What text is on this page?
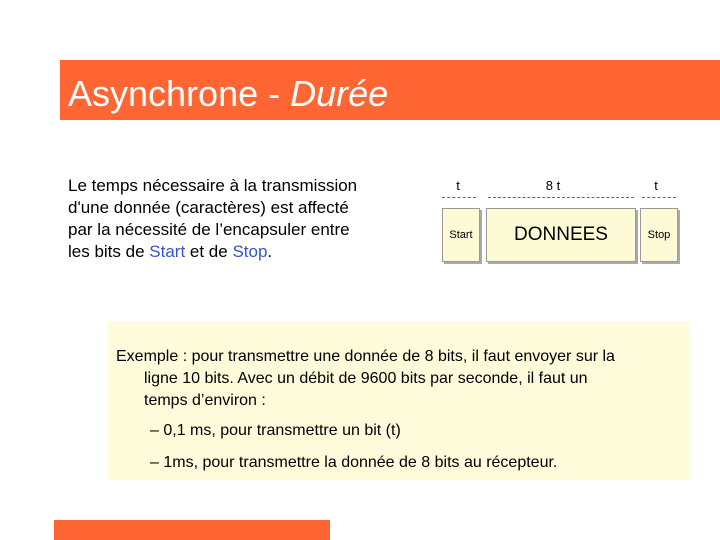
Asynchrone - Durée
Le temps nécessaire à la transmission
d'une donnée (caractères) est affecté
par la nécessité de l’encapsuler entre
les bits de Start et de Stop.
t	8 t	t
Start DONNEES	Stop
Exemple : pour transmettre une donnée de 8 bits, il faut envoyer sur la
ligne 10 bits. Avec un débit de 9600 bits par seconde, il faut un
temps d’environ :
– 0,1 ms, pour transmettre un bit (t)
– 1ms, pour transmettre la donnée de 8 bits au récepteur.
